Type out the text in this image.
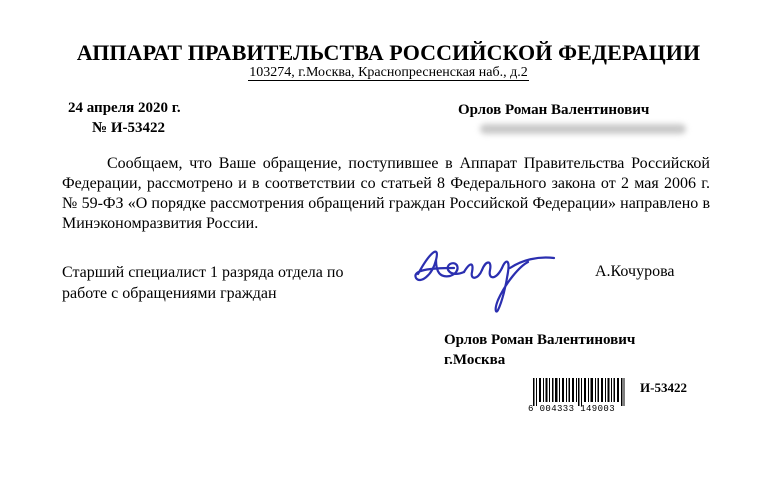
АППАРАТ ПРАВИТЕЛЬСТВА РОССИЙСКОЙ ФЕДЕРАЦИИ
103274, г.Москва, Краснопресненская наб., д.2
24 апреля 2020 г.
№ И-53422
Орлов Роман Валентинович

Сообщаем, что Ваше обращение, поступившее в Аппарат Правительства Российской Федерации, рассмотрено и в соответствии со статьей 8 Федерального закона от 2 мая 2006 г. № 59-ФЗ «О порядке рассмотрения обращений граждан Российской Федерации» направлено в Минэкономразвития России.

Старший специалист 1 разряда отдела по работе с обращениями граждан
А.Кочурова
Орлов Роман Валентинович
г.Москва
6 004333 149003
И-53422
